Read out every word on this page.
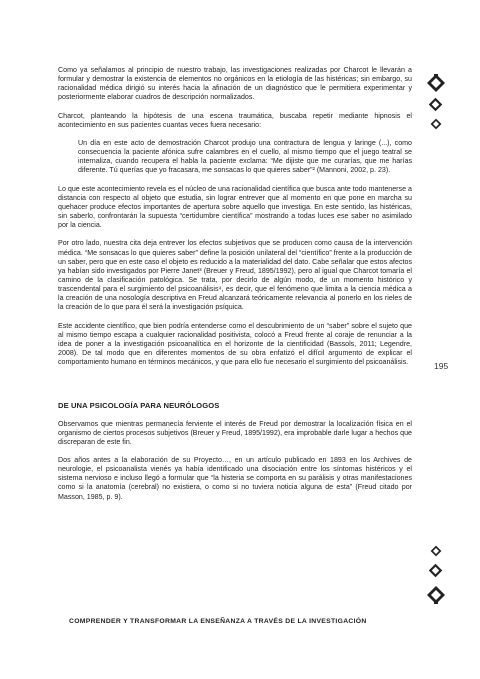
Como ya señalamos al principio de nuestro trabajo, las investigaciones realizadas por Charcot le llevarán a formular y demostrar la existencia de elementos no orgánicos en la etiología de las histéricas; sin embargo, su racionalidad médica dirigió su interés hacia la afinación de un diagnóstico que le permitiera experimentar y posteriormente elaborar cuadros de descripción normalizados.

Charcot, planteando la hipótesis de una escena traumática, buscaba repetir mediante hipnosis el acontecimiento en sus pacientes cuantas veces fuera necesario:

Un día en este acto de demostración Charcot produjo una contractura de lengua y laringe (...), como consecuencia la paciente afónica sufre calambres en el cuello, al mismo tiempo que el juego teatral se internaliza, cuando recupera el habla la paciente exclama: “Me dijiste que me curarías, que me harías diferente. Tú querías que yo fracasara, me sonsacas lo que quieres saber”² (Mannoni, 2002, p. 23).

Lo que este acontecimiento revela es el núcleo de una racionalidad científica que busca ante todo mantenerse a distancia con respecto al objeto que estudia, sin lograr entrever que al momento en que pone en marcha su quehacer produce efectos importantes de apertura sobre aquello que investiga. En este sentido, las histéricas, sin saberlo, confrontarán la supuesta “certidumbre científica” mostrando a todas luces ese saber no asimilado por la ciencia.

Por otro lado, nuestra cita deja entrever los efectos subjetivos que se producen como causa de la intervención médica. “Me sonsacas lo que quieres saber” define la posición unilateral del “científico” frente a la producción de un saber, pero que en este caso el objeto es reducido a la materialidad del dato. Cabe señalar que estos afectos ya habían sido investigados por Pierre Janet³ (Breuer y Freud, 1895/1992), pero al igual que Charcot tomaría el camino de la clasificación patológica. Se trata, por decirlo de algún modo, de un momento histórico y trascendental para el surgimiento del psicoanálisis⁴, es decir, que el fenómeno que limita a la ciencia médica a la creación de una nosología descriptiva en Freud alcanzará teóricamente relevancia al ponerlo en los rieles de la creación de lo que para él será la investigación psíquica.

Este accidente científico, que bien podría entenderse como el descubrimiento de un “saber” sobre el sujeto que al mismo tiempo escapa a cualquier racionalidad positivista, colocó a Freud frente al coraje de renunciar a la idea de poner a la investigación psicoanalítica en el horizonte de la cientificidad (Bassols, 2011; Legendre, 2008). De tal modo que en diferentes momentos de su obra enfatizó el difícil argumento de explicar el comportamiento humano en términos mecánicos, y que para ello fue necesario el surgimiento del psicoanálisis.

DE UNA PSICOLOGÍA PARA NEURÓLOGOS

Observamos que mientras permanecía ferviente el interés de Freud por demostrar la localización física en el organismo de ciertos procesos subjetivos (Breuer y Freud, 1895/1992), era improbable darle lugar a hechos que discreparan de este fin.

Dos años antes a la elaboración de su Proyecto…, en un artículo publicado en 1893 en los Archives de neurologie, el psicoanalista vienés ya había identificado una disociación entre los síntomas histéricos y el sistema nervioso e incluso llegó a formular que “la histeria se comporta en su parálisis y otras manifestaciones como si la anatomía (cerebral) no existiera, o como si no tuviera noticia alguna de esta” (Freud citado por Masson, 1985, p. 9).

195
COMPRENDER Y TRANSFORMAR LA ENSEÑANZA A TRAVÉS DE LA INVESTIGACIÓN
